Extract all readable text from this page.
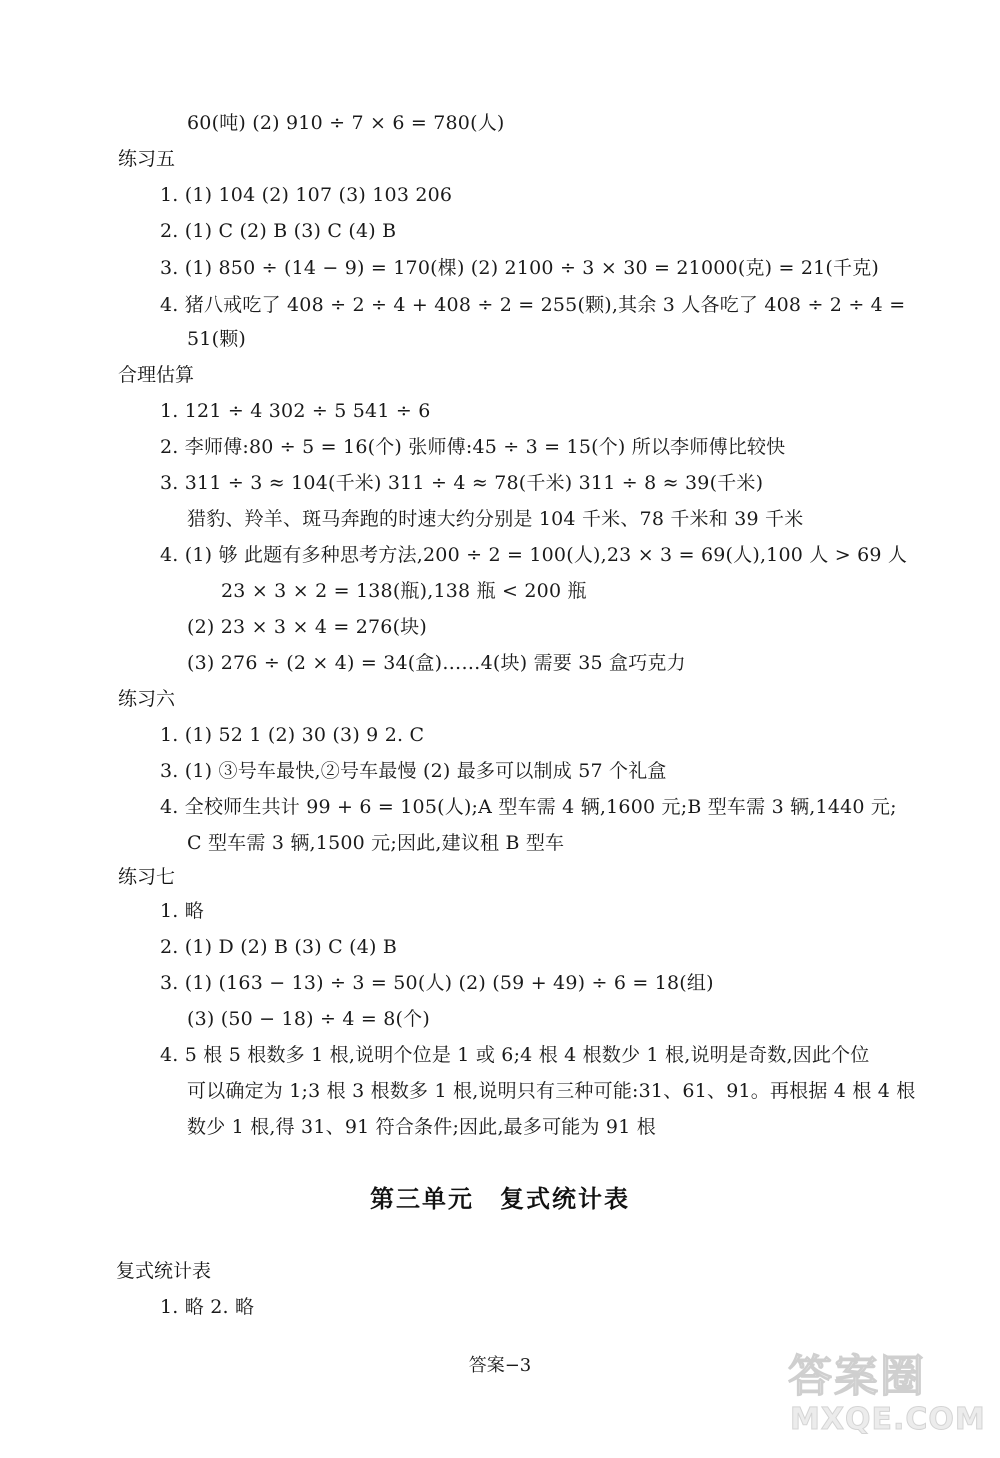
60(吨) (2) 910 ÷ 7 × 6 = 780(人)
练习五
1. (1) 104 (2) 107 (3) 103 206
2. (1) C (2) B (3) C (4) B
3. (1) 850 ÷ (14 − 9) = 170(棵) (2) 2100 ÷ 3 × 30 = 21000(克) = 21(千克)
4. 猪八戒吃了 408 ÷ 2 ÷ 4 + 408 ÷ 2 = 255(颗),其余 3 人各吃了 408 ÷ 2 ÷ 4 =
51(颗)
合理估算
1. 121 ÷ 4 302 ÷ 5 541 ÷ 6
2. 李师傅:80 ÷ 5 = 16(个) 张师傅:45 ÷ 3 = 15(个) 所以李师傅比较快
3. 311 ÷ 3 ≈ 104(千米) 311 ÷ 4 ≈ 78(千米) 311 ÷ 8 ≈ 39(千米)
猎豹、羚羊、斑马奔跑的时速大约分别是 104 千米、78 千米和 39 千米
4. (1) 够 此题有多种思考方法,200 ÷ 2 = 100(人),23 × 3 = 69(人),100 人 > 69 人
23 × 3 × 2 = 138(瓶),138 瓶 < 200 瓶
(2) 23 × 3 × 4 = 276(块)
(3) 276 ÷ (2 × 4) = 34(盒)……4(块) 需要 35 盒巧克力
练习六
1. (1) 52 1 (2) 30 (3) 9 2. C
3. (1) ③号车最快,②号车最慢 (2) 最多可以制成 57 个礼盒
4. 全校师生共计 99 + 6 = 105(人);A 型车需 4 辆,1600 元;B 型车需 3 辆,1440 元;
C 型车需 3 辆,1500 元;因此,建议租 B 型车
练习七
1. 略
2. (1) D (2) B (3) C (4) B
3. (1) (163 − 13) ÷ 3 = 50(人) (2) (59 + 49) ÷ 6 = 18(组)
(3) (50 − 18) ÷ 4 = 8(个)
4. 5 根 5 根数多 1 根,说明个位是 1 或 6;4 根 4 根数少 1 根,说明是奇数,因此个位
可以确定为 1;3 根 3 根数多 1 根,说明只有三种可能:31、61、91。再根据 4 根 4 根
数少 1 根,得 31、91 符合条件;因此,最多可能为 91 根
第三单元　复式统计表
复式统计表
1. 略 2. 略
答案−3	答案圈
MXQE.COM
